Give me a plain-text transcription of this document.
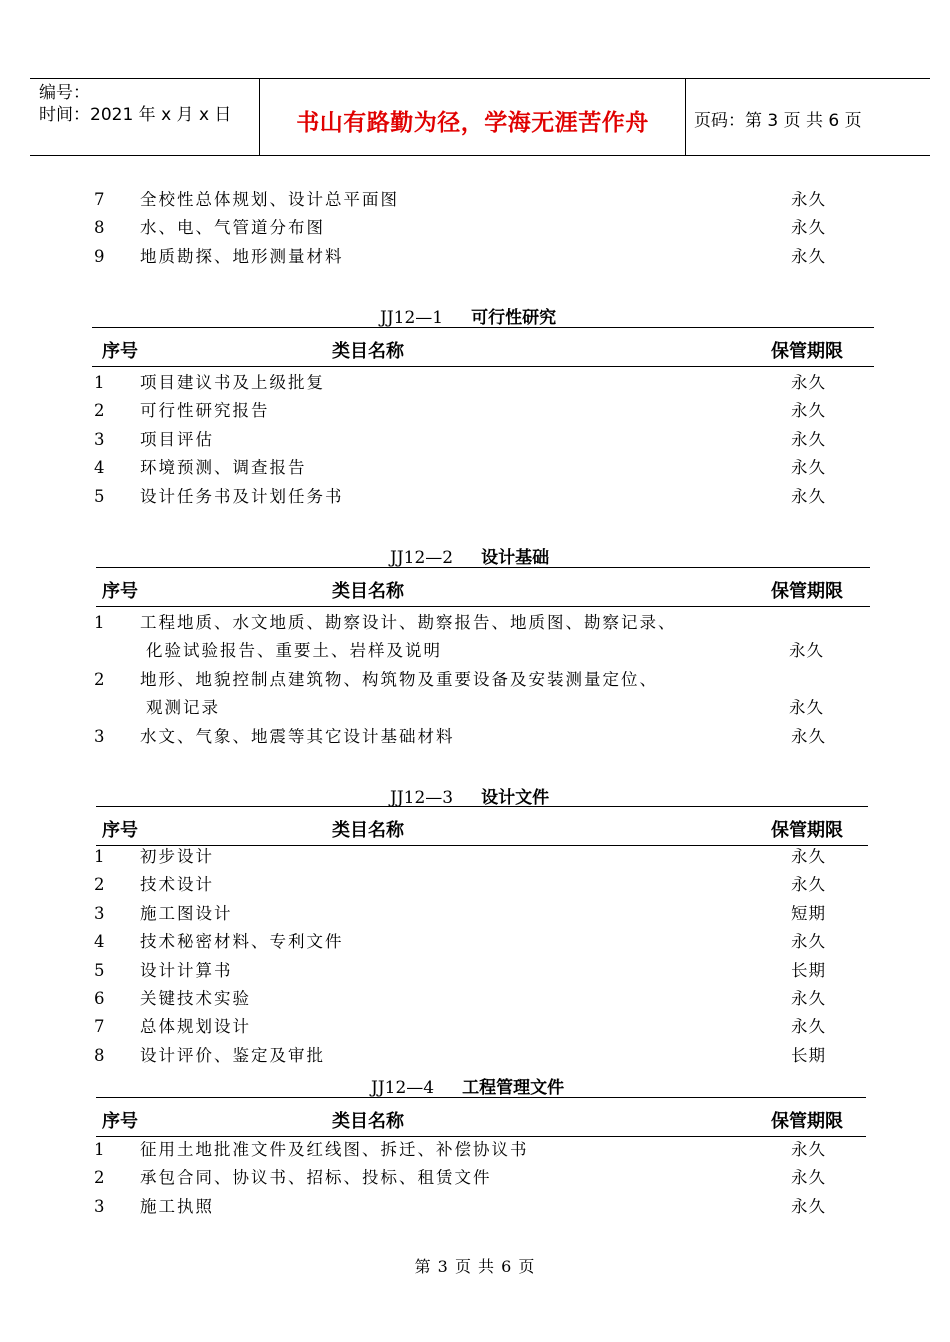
编号：
时间：2021 年 x 月 x 日	书山有路勤为径，学海无涯苦作舟	页码：第 3 页 共 6 页
7	全校性总体规划、设计总平面图	永久
8	水、电、气管道分布图	永久
9	地质勘探、地形测量材料	永久
JJ12—1 可行性研究
序号	类目名称	保管期限
1	项目建议书及上级批复	永久
2	可行性研究报告	永久
3	项目评估	永久
4	环境预测、调查报告	永久
5	设计任务书及计划任务书	永久
JJ12—2 设计基础
序号	类目名称	保管期限
1	工程地质、水文地质、勘察设计、勘察报告、地质图、勘察记录、
化验试验报告、重要土、岩样及说明	永久
2	地形、地貌控制点建筑物、构筑物及重要设备及安装测量定位、
观测记录	永久
3	水文、气象、地震等其它设计基础材料	永久
JJ12—3 设计文件
序号	类目名称	保管期限
1	初步设计	永久
2	技术设计	永久
3	施工图设计	短期
4	技术秘密材料、专利文件	永久
5	设计计算书	长期
6	关键技术实验	永久
7	总体规划设计	永久
8	设计评价、鉴定及审批	长期
JJ12—4 工程管理文件
序号	类目名称	保管期限
1	征用土地批准文件及红线图、拆迁、补偿协议书	永久
2	承包合同、协议书、招标、投标、租赁文件	永久
3	施工执照	永久
第 3 页 共 6 页
